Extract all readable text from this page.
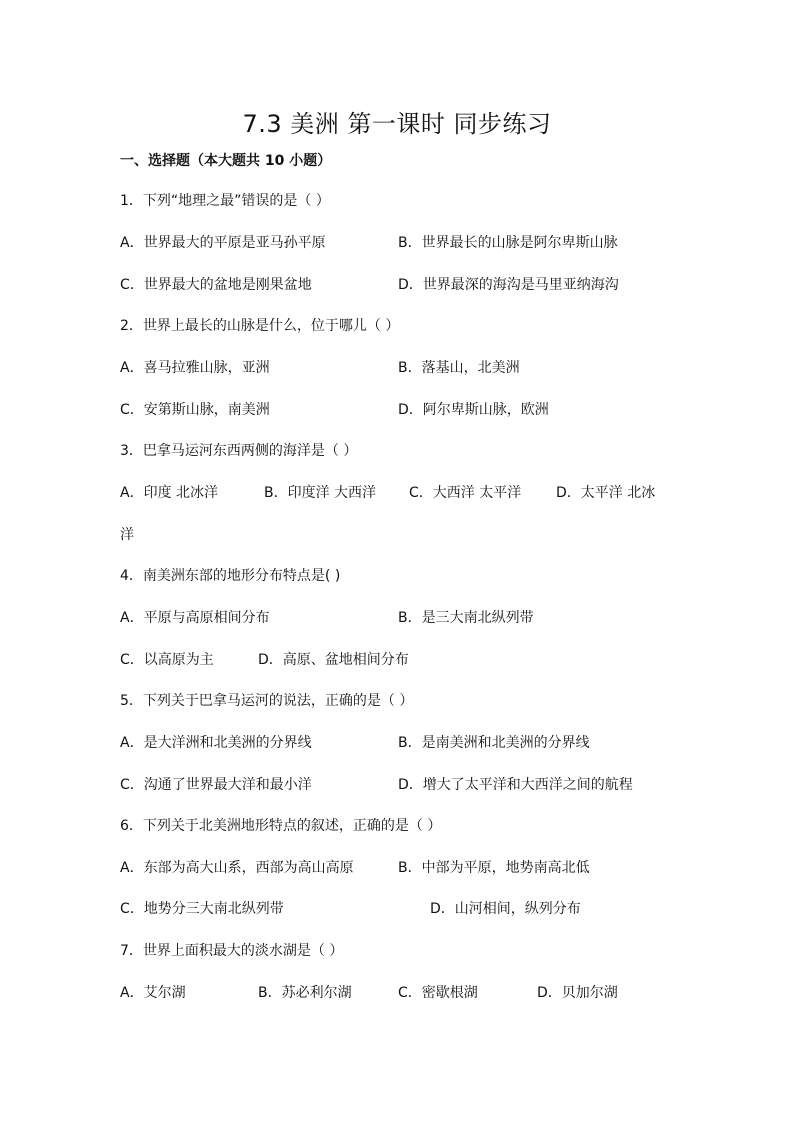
7.3 美洲 第一课时 同步练习
一、选择题（本大题共 10 小题）
1．下列“地理之最”错误的是（ ）
A．世界最大的平原是亚马孙平原	B．世界最长的山脉是阿尔卑斯山脉
C．世界最大的盆地是刚果盆地	D．世界最深的海沟是马里亚纳海沟
2．世界上最长的山脉是什么，位于哪儿（ ）
A．喜马拉雅山脉，亚洲	B．落基山，北美洲
C．安第斯山脉，南美洲	D．阿尔卑斯山脉，欧洲
3．巴拿马运河东西两侧的海洋是（ ）
A．印度 北冰洋	B．印度洋 大西洋 C．大西洋 太平洋 D．太平洋 北冰
洋
4．南美洲东部的地形分布特点是( )
A．平原与高原相间分布	B．是三大南北纵列带
C．以高原为主	D．高原、盆地相间分布
5．下列关于巴拿马运河的说法，正确的是（ ）
A．是大洋洲和北美洲的分界线	B．是南美洲和北美洲的分界线
C．沟通了世界最大洋和最小洋	D．增大了太平洋和大西洋之间的航程
6．下列关于北美洲地形特点的叙述，正确的是（ ）
A．东部为高大山系，西部为高山高原	B．中部为平原，地势南高北低
C．地势分三大南北纵列带	D．山河相间，纵列分布
7．世界上面积最大的淡水湖是（ ）
A．艾尔湖	B．苏必利尔湖	C．密歇根湖	D．贝加尔湖
